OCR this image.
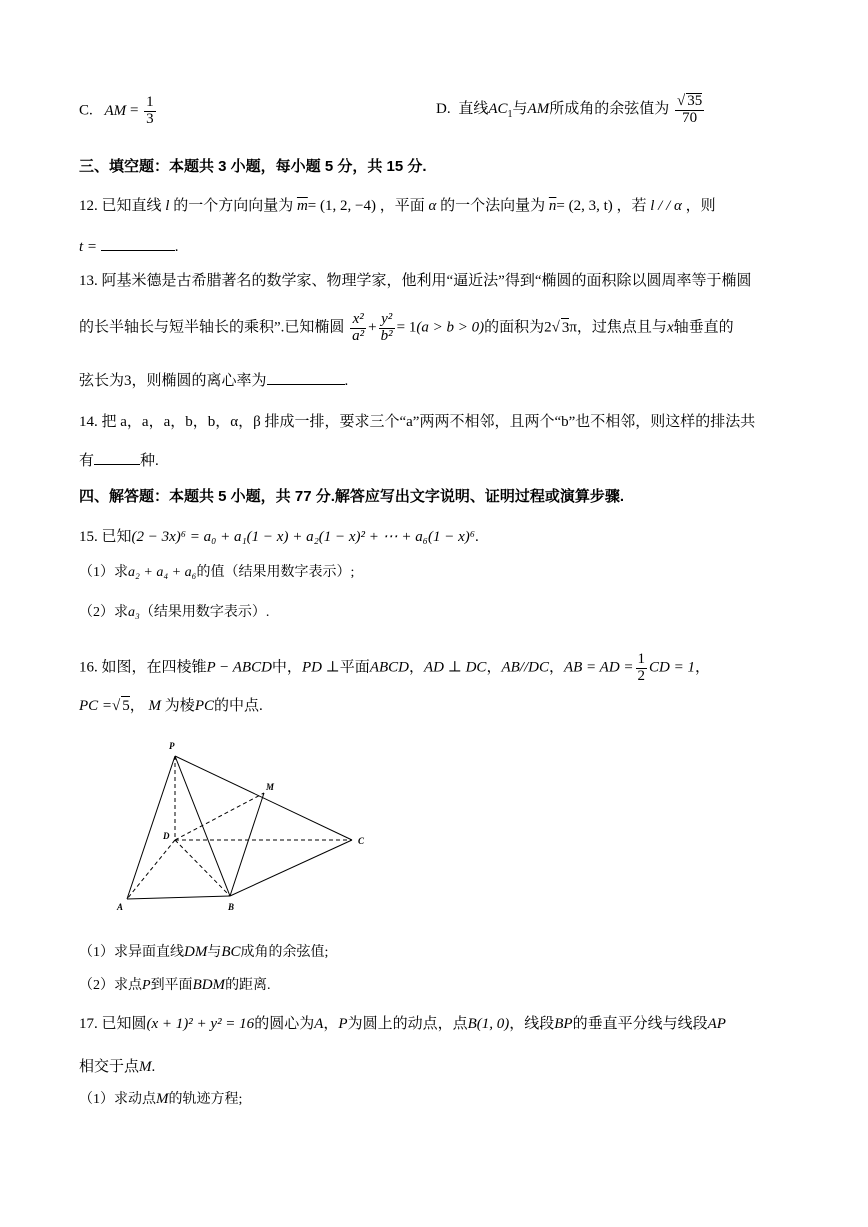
C. AM = $\frac{1}{3}$	D. 直线$AC_1$与AM所成角的余弦值为 $\frac{√ 35}{70}$
三、填空题：本题共 3 小题，每小题 5 分，共 15 分.
12. 已知直线 l 的一个方向向量为 $\overline{m}= (1$, 2, −4) ，平面 α 的一个法向量为 $\overline{n}= (2$, 3, t) ，若 l / / α ，则
t =	.
13. 阿基米德是古希腊著名的数学家、物理学家，他利用“逼近法”得到“椭圆的面积除以圆周率等于椭圆
的长半轴长与短半轴长的乘积”.已知椭圆 $\frac{\text{x²}}{\text{a²}} + \frac{\text{y²}}{\text{b²}} = 1(a > b > 0)$的面积为2√ 3π，过焦点且与x轴垂直的
弦长为3，则椭圆的离心率为	.
14. 把 a，a，a，b，b，α，β 排成一排，要求三个“a”两两不相邻，且两个“b”也不相邻，则这样的排法共
有	种.
四、解答题：本题共 5 小题，共 77 分.解答应写出文字说明、证明过程或演算步骤.
15. 已知(2 − 3x)⁶ = a₀ + a₁(1 − x) + a₂(1 − x)² + ⋯ + a₆(1 − x)⁶.
（1）求a₂ + a₄ + a₆的值（结果用数字表示）;
（2）求a₃（结果用数字表示）.
16. 如图，在四棱锥P − ABCD中，PD ⊥平面ABCD，AD ⊥ DC，AB//DC，AB = AD = $\frac{1}{2}$ CD = 1，
PC =√ 5， M 为棱PC的中点.
P
M
D	C
A	B
（1）求异面直线DM与BC成角的余弦值;
（2）求点P到平面BDM的距离.
17. 已知圆(x + 1)² + y² = 16的圆心为A，P为圆上的动点，点B(1, 0)，线段BP的垂直平分线与线段AP
相交于点M.
（1）求动点M的轨迹方程;
